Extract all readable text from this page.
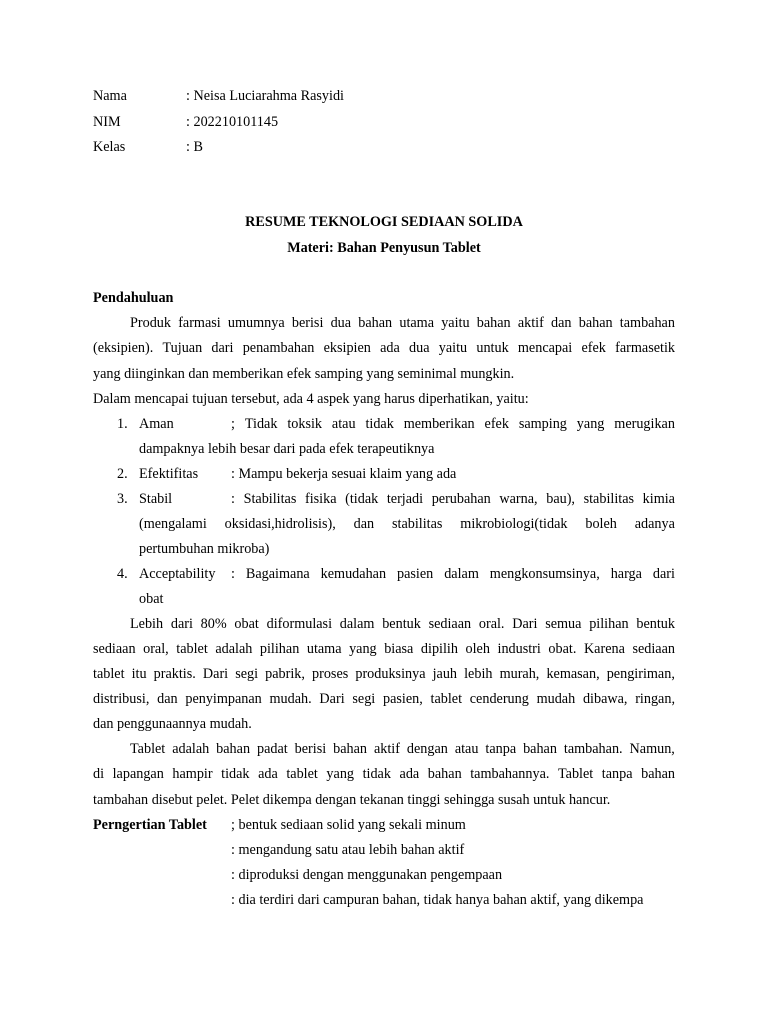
Nama	: Neisa Luciarahma Rasyidi
NIM	: 202210101145
Kelas	: B
RESUME TEKNOLOGI SEDIAAN SOLIDA
Materi: Bahan Penyusun Tablet
Pendahuluan
Produk farmasi umumnya berisi dua bahan utama yaitu bahan aktif dan bahan tambahan
(eksipien). Tujuan dari penambahan eksipien ada dua yaitu untuk mencapai efek farmasetik
yang diinginkan dan memberikan efek samping yang seminimal mungkin.
Dalam mencapai tujuan tersebut, ada 4 aspek yang harus diperhatikan, yaitu:
1. Aman	; Tidak toksik atau tidak memberikan efek samping yang merugikan
dampaknya lebih besar dari pada efek terapeutiknya
2. Efektifitas : Mampu bekerja sesuai klaim yang ada
3. Stabil	: Stabilitas fisika (tidak terjadi perubahan warna, bau), stabilitas kimia
(mengalami oksidasi,hidrolisis), dan stabilitas mikrobiologi(tidak boleh adanya
pertumbuhan mikroba)
4. Acceptability : Bagaimana kemudahan pasien dalam mengkonsumsinya, harga dari
obat
Lebih dari 80% obat diformulasi dalam bentuk sediaan oral. Dari semua pilihan bentuk
sediaan oral, tablet adalah pilihan utama yang biasa dipilih oleh industri obat. Karena sediaan
tablet itu praktis. Dari segi pabrik, proses produksinya jauh lebih murah, kemasan, pengiriman,
distribusi, dan penyimpanan mudah. Dari segi pasien, tablet cenderung mudah dibawa, ringan,
dan penggunaannya mudah.
Tablet adalah bahan padat berisi bahan aktif dengan atau tanpa bahan tambahan. Namun,
di lapangan hampir tidak ada tablet yang tidak ada bahan tambahannya. Tablet tanpa bahan
tambahan disebut pelet. Pelet dikempa dengan tekanan tinggi sehingga susah untuk hancur.
Perngertian Tablet ; bentuk sediaan solid yang sekali minum
: mengandung satu atau lebih bahan aktif
: diproduksi dengan menggunakan pengempaan
: dia terdiri dari campuran bahan, tidak hanya bahan aktif, yang dikempa
